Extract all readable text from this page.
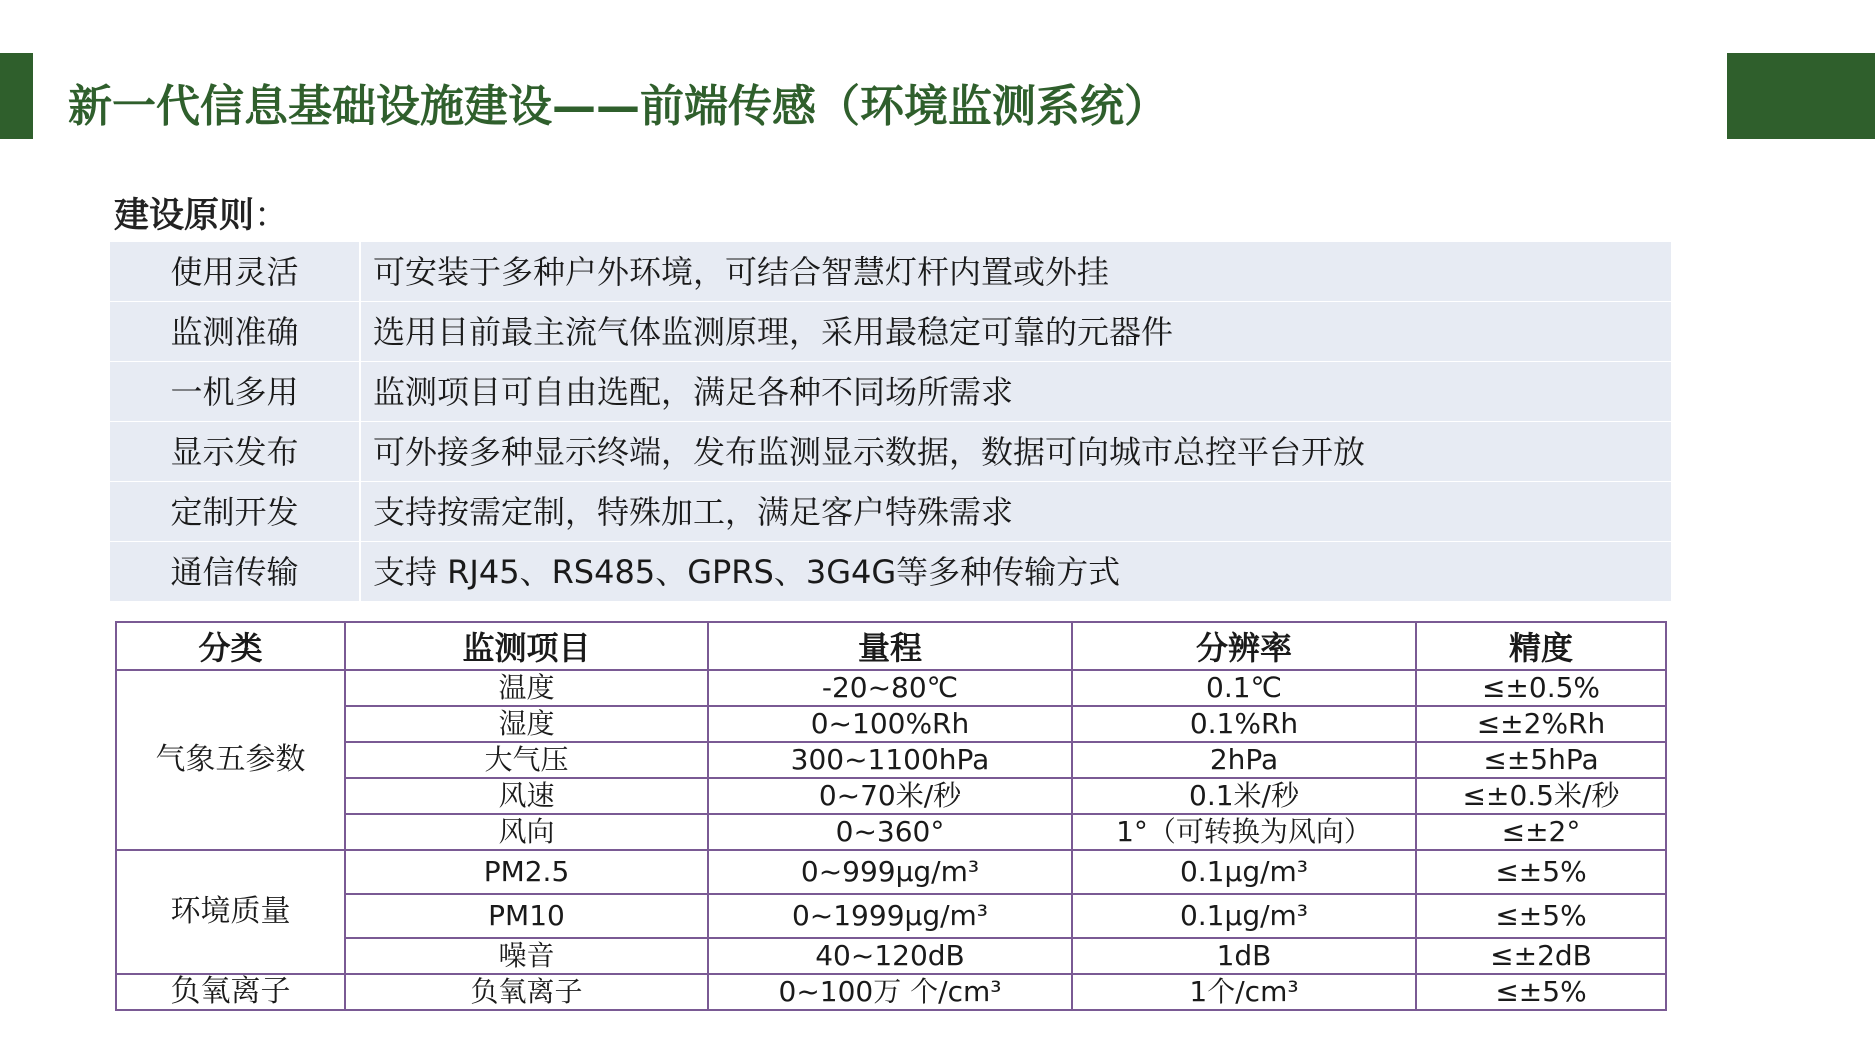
新一代信息基础设施建设——前端传感（环境监测系统）
建设原则：
使用灵活	可安装于多种户外环境，可结合智慧灯杆内置或外挂
监测准确	选用目前最主流气体监测原理，采用最稳定可靠的元器件
一机多用	监测项目可自由选配，满足各种不同场所需求
显示发布	可外接多种显示终端，发布监测显示数据，数据可向城市总控平台开放
定制开发	支持按需定制，特殊加工，满足客户特殊需求
通信传输	支持 RJ45、RS485、GPRS、3G4G等多种传输方式
分类	监测项目	量程	分辨率	精度
气象五参数	温度	-20~80℃	0.1℃	≤±0.5%
	湿度	0~100%Rh	0.1%Rh	≤±2%Rh
	大气压	300~1100hPa	2hPa	≤±5hPa
	风速	0~70米/秒	0.1米/秒	≤±0.5米/秒
	风向	0~360°	1°（可转换为风向）	≤±2°
环境质量	PM2.5	0~999μg/m³	0.1μg/m³	≤±5%
	PM10	0~1999μg/m³	0.1μg/m³	≤±5%
	噪音	40~120dB	1dB	≤±2dB
负氧离子	负氧离子	0~100万 个/cm³	1个/cm³	≤±5%
